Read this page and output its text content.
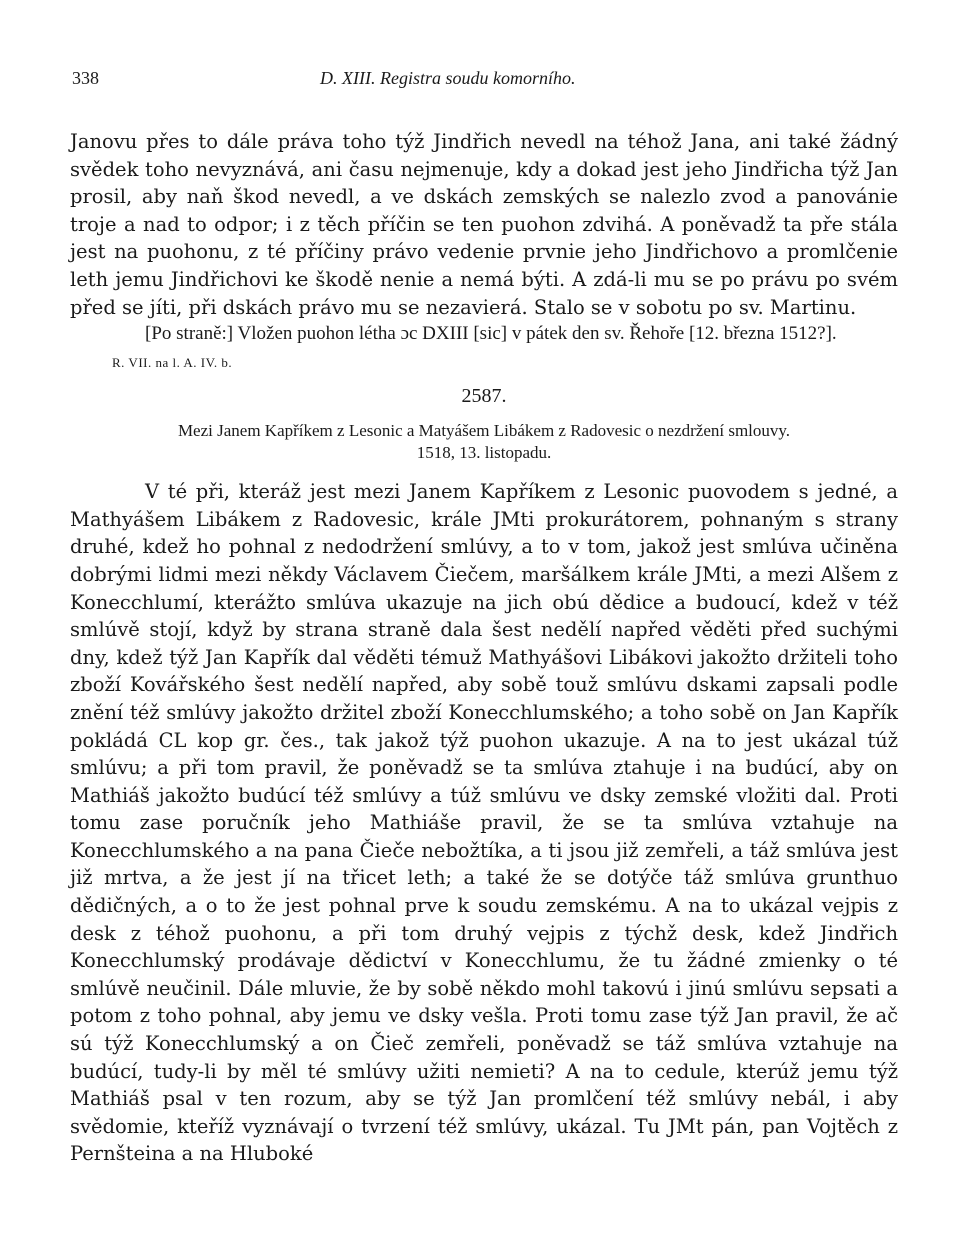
338	D. XIII. Registra soudu komorního.

Janovu přes to dále práva toho týž Jindřich nevedl na téhož Jana, ani také žádný svědek toho nevyznává, ani času nejmenuje, kdy a dokad jest jeho Jindřicha týž Jan prosil, aby naň škod nevedl, a ve dskách zemských se nalezlo zvod a panovánie troje a nad to odpor; i z těch příčin se ten puohon zdvihá. A poněvadž ta pře stála jest na puohonu, z té příčiny právo vedenie prvnie jeho Jindřichovo a promlčenie leth jemu Jindřichovi ke škodě nenie a nemá býti. A zdá-li mu se po právu po svém před se jíti, při dskách právo mu se nezavierá. Stalo se v sobotu po sv. Martinu.

[Po straně:] Vložen puohon létha ɔc DXIII [sic] v pátek den sv. Řehoře [12. března 1512?].

R. VII. na l. A. IV. b.
2587.
Mezi Janem Kapříkem z Lesonic a Matyášem Libákem z Radovesic o nezdržení smlouvy.
1518, 13. listopadu.

V té při, kteráž jest mezi Janem Kapříkem z Lesonic puovodem s jedné, a Mathyášem Libákem z Radovesic, krále JMti prokurátorem, pohnaným s strany druhé, kdež ho pohnal z nedodržení smlúvy, a to v tom, jakož jest smlúva učiněna dobrými lidmi mezi někdy Václavem Čiečem, maršálkem krále JMti, a mezi Alšem z Konecchlumí, kterážto smlúva ukazuje na jich obú dědice a budoucí, kdež v též smlúvě stojí, když by strana straně dala šest nedělí napřed věděti před suchými dny, kdež týž Jan Kapřík dal věděti témuž Mathyášovi Libákovi jakožto držiteli toho zboží Kovářského šest nedělí napřed, aby sobě touž smlúvu dskami zapsali podle znění též smlúvy jakožto držitel zboží Konecchlumského; a toho sobě on Jan Kapřík pokládá CL kop gr. čes., tak jakož týž puohon ukazuje. A na to jest ukázal túž smlúvu; a při tom pravil, že poněvadž se ta smlúva ztahuje i na budúcí, aby on Mathiáš jakožto budúcí též smlúvy a túž smlúvu ve dsky zemské vložiti dal. Proti tomu zase poručník jeho Mathiáše pravil, že se ta smlúva vztahuje na Konecchlumského a na pana Čieče nebožtíka, a ti jsou již zemřeli, a táž smlúva jest již mrtva, a že jest jí na třicet leth; a také že se dotýče táž smlúva grunthuo dědičných, a o to že jest pohnal prve k soudu zemskému. A na to ukázal vejpis z desk z téhož puohonu, a při tom druhý vejpis z týchž desk, kdež Jindřich Konecchlumský prodávaje dědictví v Konecchlumu, že tu žádné zmienky o té smlúvě neučinil. Dále mluvie, že by sobě někdo mohl takovú i jinú smlúvu sepsati a potom z toho pohnal, aby jemu ve dsky vešla. Proti tomu zase týž Jan pravil, že ač sú týž Konecchlumský a on Čieč zemřeli, poněvadž se táž smlúva vztahuje na budúcí, tudy-li by měl té smlúvy užiti nemieti? A na to cedule, kterúž jemu týž Mathiáš psal v ten rozum, aby se týž Jan promlčení též smlúvy nebál, i aby svědomie, kteříž vyznávají o tvrzení též smlúvy, ukázal. Tu JMt pán, pan Vojtěch z Pernšteina a na Hluboké
